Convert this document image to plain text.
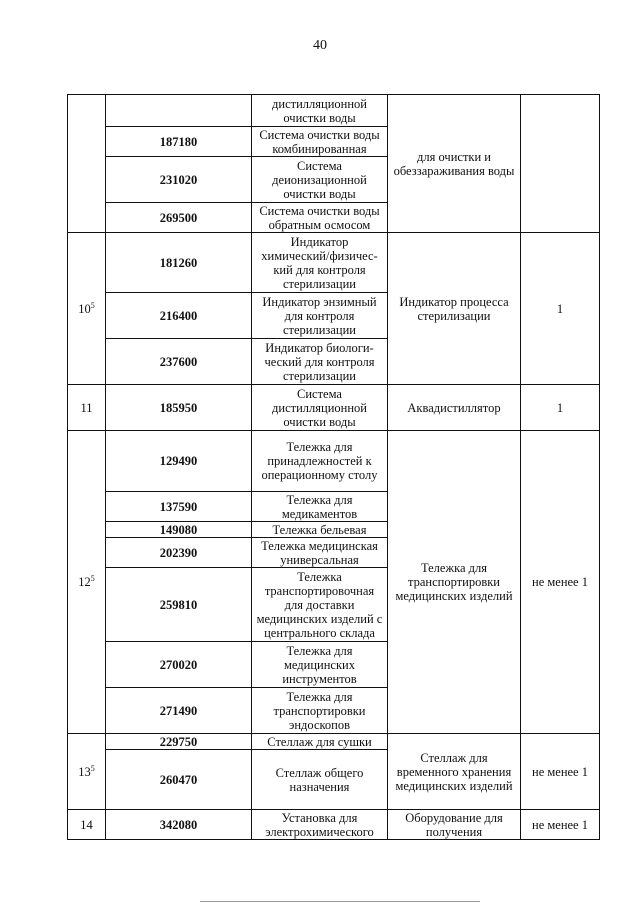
40
		дистилляционной очистки воды	для очистки и обеззараживания воды	
	187180	Система очистки воды комбинированная		
	231020	Система деионизационной очистки воды		
	269500	Система очистки воды обратным осмосом		
$10^5$	181260	Индикатор химический/физичес-кий для контроля стерилизации	Индикатор процесса стерилизации	1
	216400	Индикатор энзимный для контроля стерилизации		
	237600	Индикатор биологи-ческий для контроля стерилизации		
11	185950	Система дистилляционной очистки воды	Аквадистиллятор	1
$12^5$	129490	Тележка для принадлежностей к операционному столу	Тележка для транспортировки медицинских изделий	не менее 1
	137590	Тележка для медикаментов		
	149080	Тележка бельевая		
	202390	Тележка медицинская универсальная		
	259810	Тележка транспортировочная для доставки медицинских изделий с центрального склада		
	270020	Тележка для медицинских инструментов		
	271490	Тележка для транспортировки эндоскопов		
$13^5$	229750	Стеллаж для сушки	Стеллаж для временного хранения медицинских изделий	не менее 1
	260470	Стеллаж общего назначения		
14	342080	Установка для электрохимического	Оборудование для получения	не менее 1
